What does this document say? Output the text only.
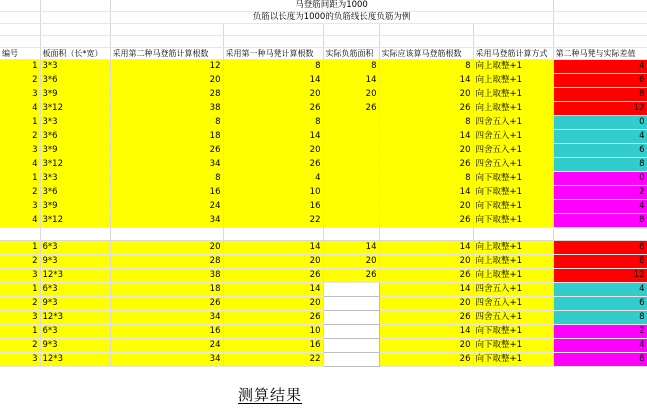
		马登筋间距为1000					
		负筋以长度为1000的负筋线长度负筋为例					

编号	板面积（长*宽）	采用第二种马登筋计算根数	采用第一种马凳计算根数	实际负筋面积	实际应该算马登筋根数	采用马登筋计算方式	第二种马凳与实际差值
1	3*3	12	8	8	8	向上取整+1	4
2	3*6	20	14	14	14	向上取整+1	6
3	3*9	28	20	20	20	向上取整+1	8
4	3*12	38	26	26	26	向上取整+1	12
1	3*3	8	8		8	四舍五入+1	0
2	3*6	18	14		14	四舍五入+1	4
3	3*9	26	20		20	四舍五入+1	6
4	3*12	34	26		26	四舍五入+1	8
1	3*3	8	4		8	向下取整+1	0
2	3*6	16	10		14	向下取整+1	2
3	3*9	24	16		20	向下取整+1	4
4	3*12	34	22		26	向下取整+1	8

1	6*3	20	14	14	14	向上取整+1	6
2	9*3	28	20	20	20	向上取整+1	8
3	12*3	38	26	26	26	向上取整+1	12
1	6*3	18	14		14	四舍五入+1	4
2	9*3	26	20		20	四舍五入+1	6
3	12*3	34	26		26	四舍五入+1	8
1	6*3	16	10		14	向下取整+1	2
2	9*3	24	16		20	向下取整+1	4
3	12*3	34	22		26	向下取整+1	8
测算结果
